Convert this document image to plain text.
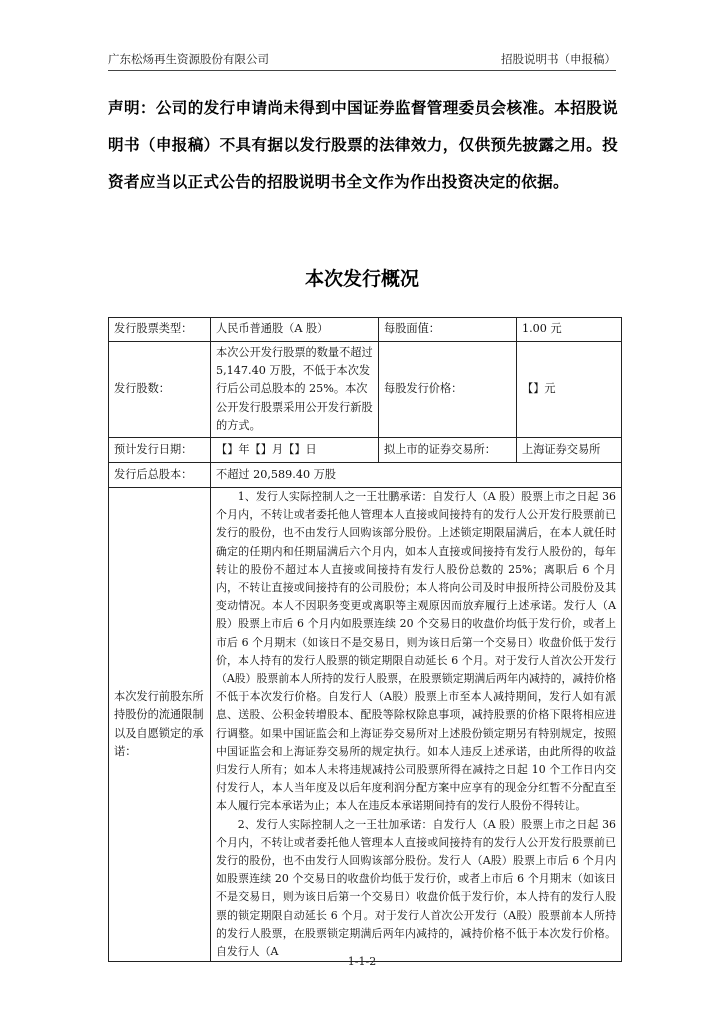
广东松炀再生资源股份有限公司	招股说明书（申报稿）
声明：公司的发行申请尚未得到中国证券监督管理委员会核准。本招股说明书（申报稿）不具有据以发行股票的法律效力，仅供预先披露之用。投资者应当以正式公告的招股说明书全文作为作出投资决定的依据。
本次发行概况
发行股票类型：	人民币普通股（A 股）	每股面值：	1.00 元
发行股数：	本次公开发行股票的数量不超过 5,147.40 万股，不低于本次发行后公司总股本的 25%。本次公开发行股票采用公开发行新股的方式。	每股发行价格：	【】元
预计发行日期：	【】年【】月【】日	拟上市的证券交易所：	上海证券交易所
发行后总股本：	不超过 20,589.40 万股		
本次发行前股东所持股份的流通限制以及自愿锁定的承诺：	1、发行人实际控制人之一王壮鹏承诺：自发行人（A 股）股票上市之日起 36 个月内，不转让或者委托他人管理本人直接或间接持有的发行人公开发行股票前已发行的股份，也不由发行人回购该部分股份。上述锁定期限届满后，在本人就任时确定的任期内和任期届满后六个月内，如本人直接或间接持有发行人股份的，每年转让的股份不超过本人直接或间接持有发行人股份总数的 25%；离职后 6 个月内，不转让直接或间接持有的公司股份；本人将向公司及时申报所持公司股份及其变动情况。本人不因职务变更或离职等主观原因而放弃履行上述承诺。发行人（A股）股票上市后 6 个月内如股票连续 20 个交易日的收盘价均低于发行价，或者上市后 6 个月期末（如该日不是交易日，则为该日后第一个交易日）收盘价低于发行价，本人持有的发行人股票的锁定期限自动延长 6 个月。对于发行人首次公开发行（A股）股票前本人所持的发行人股票，在股票锁定期满后两年内减持的，减持价格不低于本次发行价格。自发行人（A股）股票上市至本人减持期间，发行人如有派息、送股、公积金转增股本、配股等除权除息事项，减持股票的价格下限将相应进行调整。如果中国证监会和上海证券交易所对上述股份锁定期另有特别规定，按照中国证监会和上海证券交易所的规定执行。如本人违反上述承诺，由此所得的收益归发行人所有；如本人未将违规减持公司股票所得在减持之日起 10 个工作日内交付发行人，本人当年度及以后年度利润分配方案中应享有的现金分红暂不分配直至本人履行完本承诺为止；本人在违反本承诺期间持有的发行人股份不得转让。

2、发行人实际控制人之一王壮加承诺：自发行人（A 股）股票上市之日起 36 个月内，不转让或者委托他人管理本人直接或间接持有的发行人公开发行股票前已发行的股份，也不由发行人回购该部分股份。发行人（A股）股票上市后 6 个月内如股票连续 20 个交易日的收盘价均低于发行价，或者上市后 6 个月期末（如该日不是交易日，则为该日后第一个交易日）收盘价低于发行价，本人持有的发行人股票的锁定期限自动延长 6 个月。对于发行人首次公开发行（A股）股票前本人所持的发行人股票，在股票锁定期满后两年内减持的，减持价格不低于本次发行价格。自发行人（A		

1-1-2
